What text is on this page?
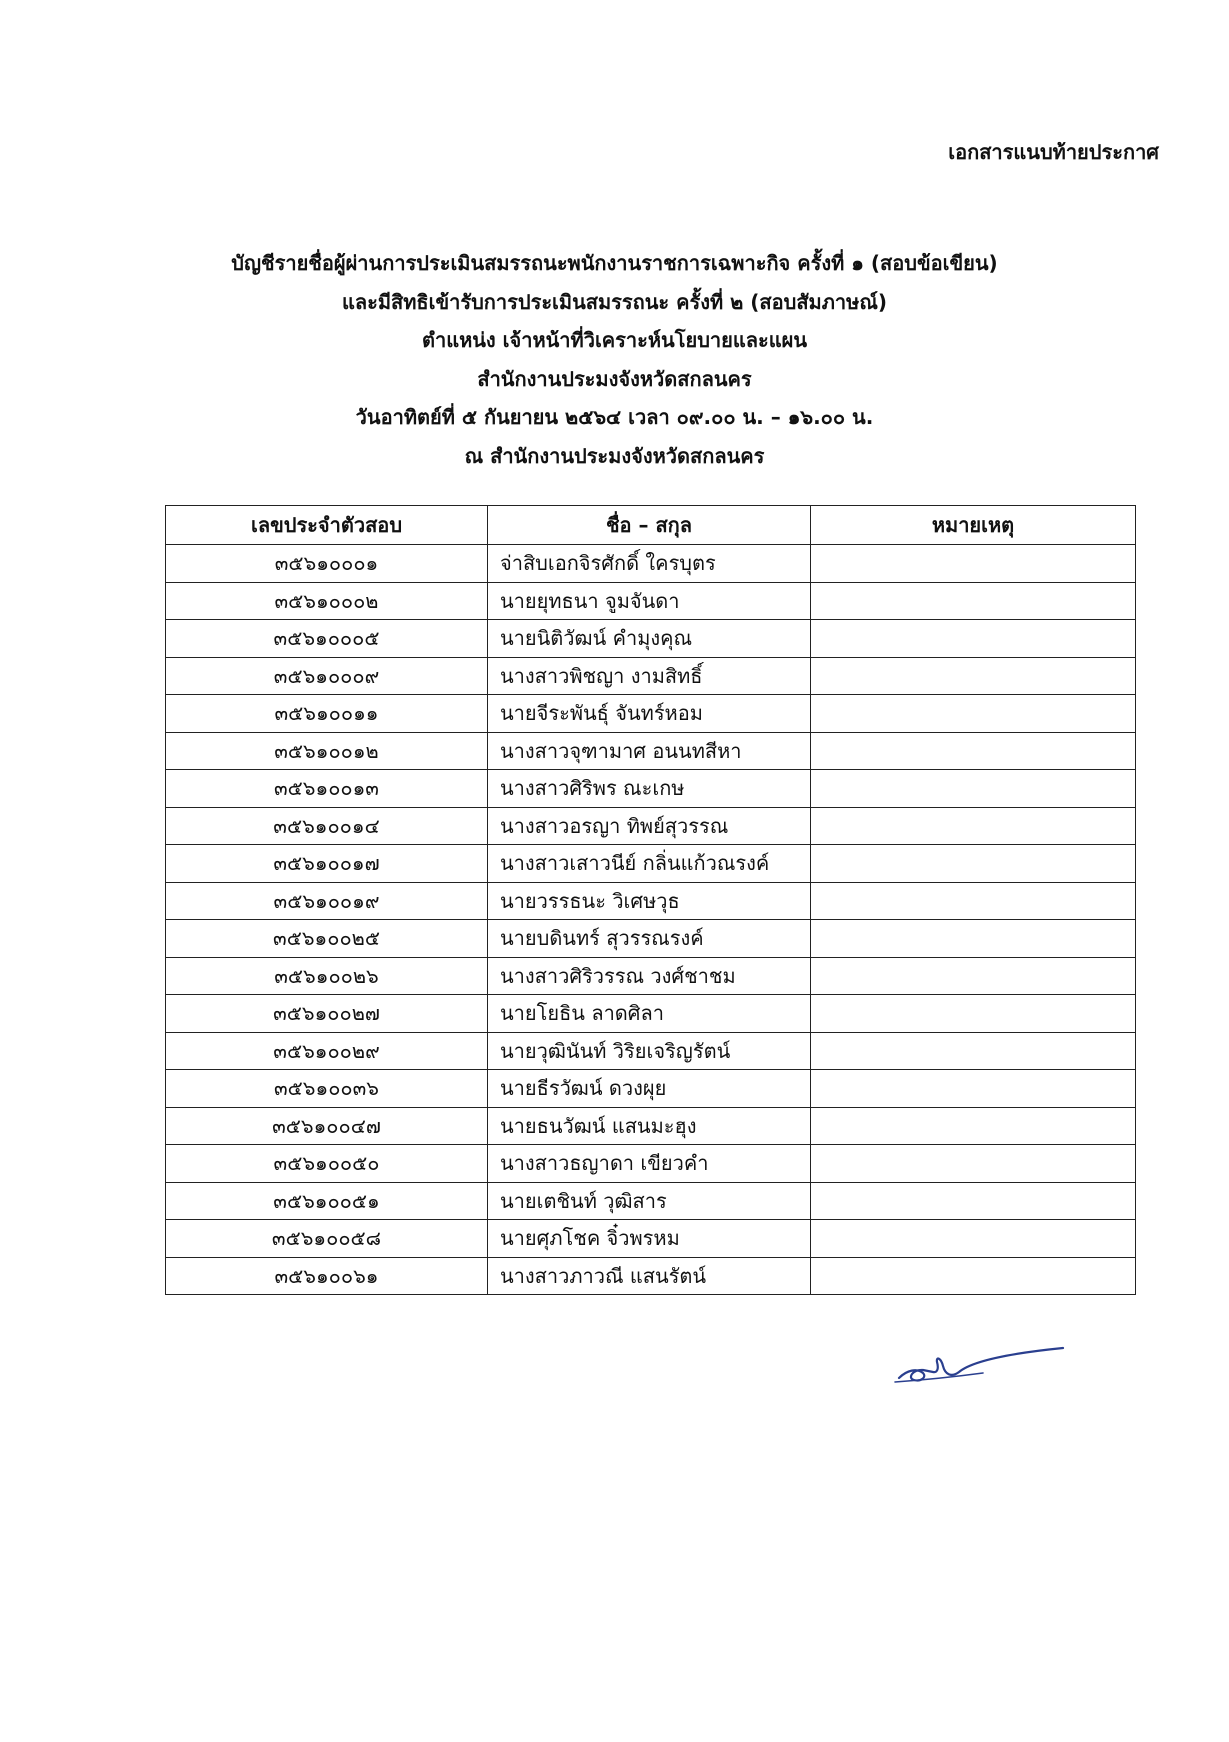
เอกสารแนบท้ายประกาศ
บัญชีรายชื่อผู้ผ่านการประเมินสมรรถนะพนักงานราชการเฉพาะกิจ ครั้งที่ ๑ (สอบข้อเขียน)
และมีสิทธิเข้ารับการประเมินสมรรถนะ ครั้งที่ ๒ (สอบสัมภาษณ์)
ตำแหน่ง เจ้าหน้าที่วิเคราะห์นโยบายและแผน
สำนักงานประมงจังหวัดสกลนคร
วันอาทิตย์ที่ ๕ กันยายน ๒๕๖๔ เวลา ๐๙.๐๐ น. – ๑๖.๐๐ น.
ณ สำนักงานประมงจังหวัดสกลนคร
เลขประจำตัวสอบ	ชื่อ – สกุล	หมายเหตุ
๓๕๖๑๐๐๐๑	จ่าสิบเอกจิรศักดิ์ ใครบุตร	
๓๕๖๑๐๐๐๒	นายยุทธนา จูมจันดา	
๓๕๖๑๐๐๐๕	นายนิติวัฒน์ คำมุงคุณ	
๓๕๖๑๐๐๐๙	นางสาวพิชญา งามสิทธิ์	
๓๕๖๑๐๐๑๑	นายจีระพันธุ์ จันทร์หอม	
๓๕๖๑๐๐๑๒	นางสาวจุฑามาศ อนนทสีหา	
๓๕๖๑๐๐๑๓	นางสาวศิริพร ณะเกษ	
๓๕๖๑๐๐๑๔	นางสาวอรญา ทิพย์สุวรรณ	
๓๕๖๑๐๐๑๗	นางสาวเสาวนีย์ กลิ่นแก้วณรงค์	
๓๕๖๑๐๐๑๙	นายวรรธนะ วิเศษวุธ	
๓๕๖๑๐๐๒๕	นายบดินทร์ สุวรรณรงค์	
๓๕๖๑๐๐๒๖	นางสาวศิริวรรณ วงศ์ชาชม	
๓๕๖๑๐๐๒๗	นายโยธิน ลาดศิลา	
๓๕๖๑๐๐๒๙	นายวุฒินันท์ วิริยเจริญรัตน์	
๓๕๖๑๐๐๓๖	นายธีรวัฒน์ ดวงผุย	
๓๕๖๑๐๐๔๗	นายธนวัฒน์ แสนมะฮุง	
๓๕๖๑๐๐๕๐	นางสาวธญาดา เขียวคำ	
๓๕๖๑๐๐๕๑	นายเตชินท์ วุฒิสาร	
๓๕๖๑๐๐๕๘	นายศุภโชค จิ๋วพรหม	
๓๕๖๑๐๐๖๑	นางสาวภาวณี แสนรัตน์	
